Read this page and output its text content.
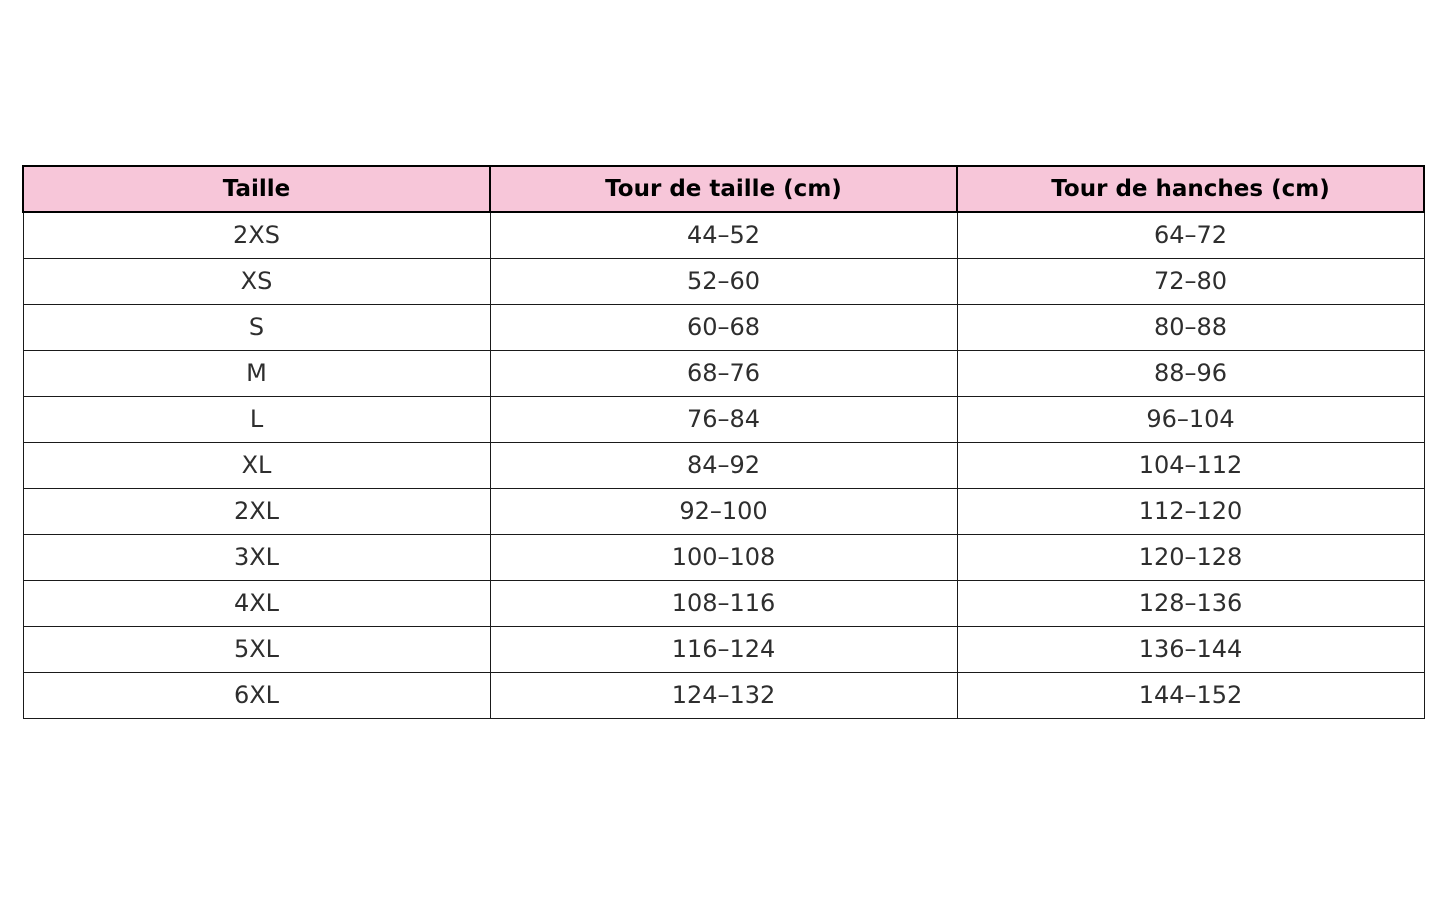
Taille	Tour de taille (cm)	Tour de hanches (cm)
2XS	44–52	64–72
XS	52–60	72–80
S	60–68	80–88
M	68–76	88–96
L	76–84	96–104
XL	84–92	104–112
2XL	92–100	112–120
3XL	100–108	120–128
4XL	108–116	128–136
5XL	116–124	136–144
6XL	124–132	144–152
